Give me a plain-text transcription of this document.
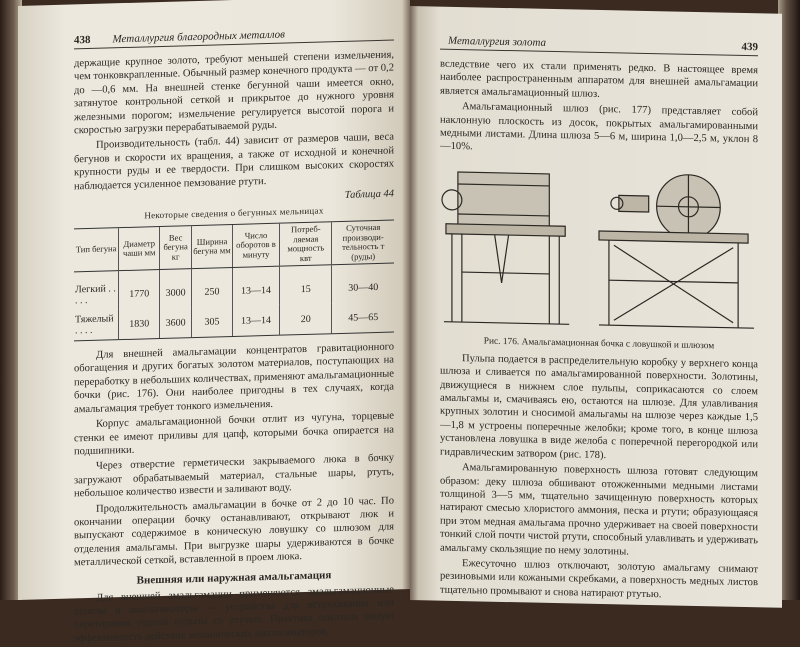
438	Металлургия благородных металлов

держащие крупное золото, требуют меньшей степени измельчения, чем тонковкрапленные. Обычный размер конечного продукта — от 0,2 до —0,6 мм. На внешней стенке бегунной чаши имеется окно, затянутое контрольной сеткой и прикрытое до нужного уровня железными порогом; измельчение регулируется высотой порога и скоростью загрузки перерабатываемой руды.

Производительность (табл. 44) зависит от размеров чаши, веса бегунов и скорости их вращения, а также от исходной и конечной крупности руды и ее твердости. При слишком высоких скоростях наблюдается усиленное пемзование ртути.

Таблица 44
Некоторые сведения о бегунных мельницах
Тип бегуна	Диаметр чаши мм	Вес бегуна кг	Ширина бегуна мм	Число оборотов в минуту	Потребляемая мощность квт	Суточная производительность т (руды)
Легкий . . . . .	1770	3000	250	13—14	15	30—40
Тяжелый . . . .	1830	3600	305	13—14	20	45—65

Для внешней амальгамации концентратов гравитационного обогащения и других богатых золотом материалов, поступающих на переработку в небольших количествах, применяют амальгамационные бочки (рис. 176). Они наиболее пригодны в тех случаях, когда амальгамация требует тонкого измельчения.

Корпус амальгамационной бочки отлит из чугуна, торцевые стенки ее имеют приливы для цапф, которыми бочка опирается на подшипники.

Через отверстие герметически закрываемого люка в бочку загружают обрабатываемый материал, стальные шары, ртуть, небольшое количество извести и заливают воду.

Продолжительность амальгамации в бочке от 2 до 10 час. По окончании операции бочку останавливают, открывают люк и выпускают содержимое в коническую ловушку со шлюзом для отделения амальгамы. При выгрузке шары удерживаются в бочке металлической сеткой, вставленной в проем люка.

Внешняя или наружная амальгамация

Для внешней амальгамации применяются амальгамационные шлюзы и амальгаматоры — устройства для встряхивания или перетирания рудной пульпы со ртутью. Практика показала малую эффективность действия механических амальгаматоров,

Металлургия золота	439

вследствие чего их стали применять редко. В настоящее время наиболее распространенным аппаратом для внешней амальгамации является амальгамационный шлюз.

Амальгамационный шлюз (рис. 177) представляет собой наклонную плоскость из досок, покрытых амальгамированными медными листами. Длина шлюза 5—6 м, ширина 1,0—2,5 м, уклон 8—10%.

Рис. 176. Амальгамационная бочка с ловушкой и шлюзом

Пульпа подается в распределительную коробку у верхнего конца шлюза и сливается по амальгамированной поверхности. Золотины, движущиеся в нижнем слое пульпы, соприкасаются со слоем амальгамы и, смачиваясь ею, остаются на шлюзе. Для улавливания крупных золотин и сносимой амальгамы на шлюзе через каждые 1,5—1,8 м устроены поперечные желобки; кроме того, в конце шлюза установлена ловушка в виде желоба с поперечной перегородкой или гидравлическим затвором (рис. 178).

Амальгамированную поверхность шлюза готовят следующим образом: деку шлюза обшивают отожженными медными листами толщиной 3—5 мм, тщательно зачищенную поверхность которых натирают смесью хлористого аммония, песка и ртути; образующаяся при этом медная амальгама прочно удерживает на своей поверхности тонкий слой почти чистой ртути, способный улавливать и удерживать амальгаму скользящие по нему золотины.

Ежесуточно шлюз отключают, золотую амальгаму снимают резиновыми или кожаными скребками, а поверхность медных листов тщательно промывают и снова натирают ртутью.
